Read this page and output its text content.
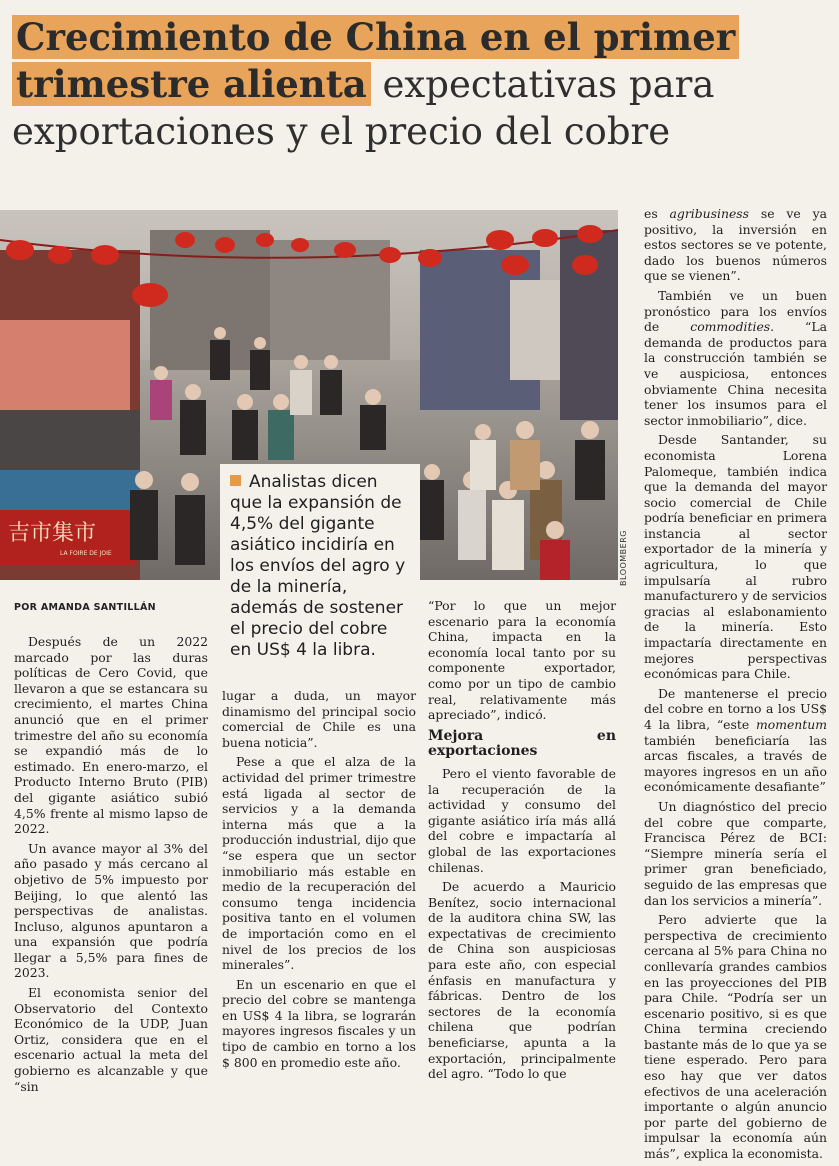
Crecimiento de China en el primer trimestre alienta expectativas para exportaciones y el precio del cobre
吉市集市
LA FOIRE DE JOIE	BLOOMBERG
Analistas dicen que la expansión de 4,5% del gigante asiático incidiría en los envíos del agro y de la minería, además de sostener el precio del cobre en US$ 4 la libra.
POR AMANDA SANTILLÁN

Después de un 2022 marcado por las duras políticas de Cero Covid, que llevaron a que se estancara su crecimiento, el martes China anunció que en el primer trimestre del año su economía se expandió más de lo estimado. En enero-marzo, el Producto Interno Bruto (PIB) del gigante asiático subió 4,5% frente al mismo lapso de 2022.

Un avance mayor al 3% del año pasado y más cercano al objetivo de 5% impuesto por Beijing, lo que alentó las perspectivas de analistas. Incluso, algunos apuntaron a una expansión que podría llegar a 5,5% para fines de 2023.

El economista senior del Observatorio del Contexto Económico de la UDP, Juan Ortiz, considera que en el escenario actual la meta del gobierno es alcanzable y que “sin

lugar a duda, un mayor dinamismo del principal socio comercial de Chile es una buena noticia”.

Pese a que el alza de la actividad del primer trimestre está ligada al sector de servicios y a la demanda interna más que a la producción industrial, dijo que “se espera que un sector inmobiliario más estable en medio de la recuperación del consumo tenga incidencia positiva tanto en el volumen de importación como en el nivel de los precios de los minerales”.

En un escenario en que el precio del cobre se mantenga en US$ 4 la libra, se lograrán mayores ingresos fiscales y un tipo de cambio en torno a los $ 800 en promedio este año.

“Por lo que un mejor escenario para la economía China, impacta en la economía local tanto por su componente exportador, como por un tipo de cambio real, relativamente más apreciado”, indicó.

Mejora en exportaciones

Pero el viento favorable de la recuperación de la actividad y consumo del gigante asiático iría más allá del cobre e impactaría al global de las exportaciones chilenas.

De acuerdo a Mauricio Benítez, socio internacional de la auditora china SW, las expectativas de crecimiento de China son auspiciosas para este año, con especial énfasis en manufactura y fábricas. Dentro de los sectores de la economía chilena que podrían beneficiarse, apunta a la exportación, principalmente del agro. “Todo lo que

es agribusiness se ve ya positivo, la inversión en estos sectores se ve potente, dado los buenos números que se vienen”.

También ve un buen pronóstico para los envíos de commodities. “La demanda de productos para la construcción también se ve auspiciosa, entonces obviamente China necesita tener los insumos para el sector inmobiliario”, dice.

Desde Santander, su economista Lorena Palomeque, también indica que la demanda del mayor socio comercial de Chile podría beneficiar en primera instancia al sector exportador de la minería y agricultura, lo que impulsaría al rubro manufacturero y de servicios gracias al eslabonamiento de la minería. Esto impactaría directamente en mejores perspectivas económicas para Chile.

De mantenerse el precio del cobre en torno a los US$ 4 la libra, “este momentum también beneficiaría las arcas fiscales, a través de mayores ingresos en un año económicamente desafiante”

Un diagnóstico del precio del cobre que comparte, Francisca Pérez de BCI: “Siempre minería sería el primer gran beneficiado, seguido de las empresas que dan los servicios a minería”.

Pero advierte que la perspectiva de crecimiento cercana al 5% para China no conllevaría grandes cambios en las proyecciones del PIB para Chile. “Podría ser un escenario positivo, si es que China termina creciendo bastante más de lo que ya se tiene esperado. Pero para eso hay que ver datos efectivos de una aceleración importante o algún anuncio por parte del gobierno de impulsar la economía aún más”, explica la economista.
